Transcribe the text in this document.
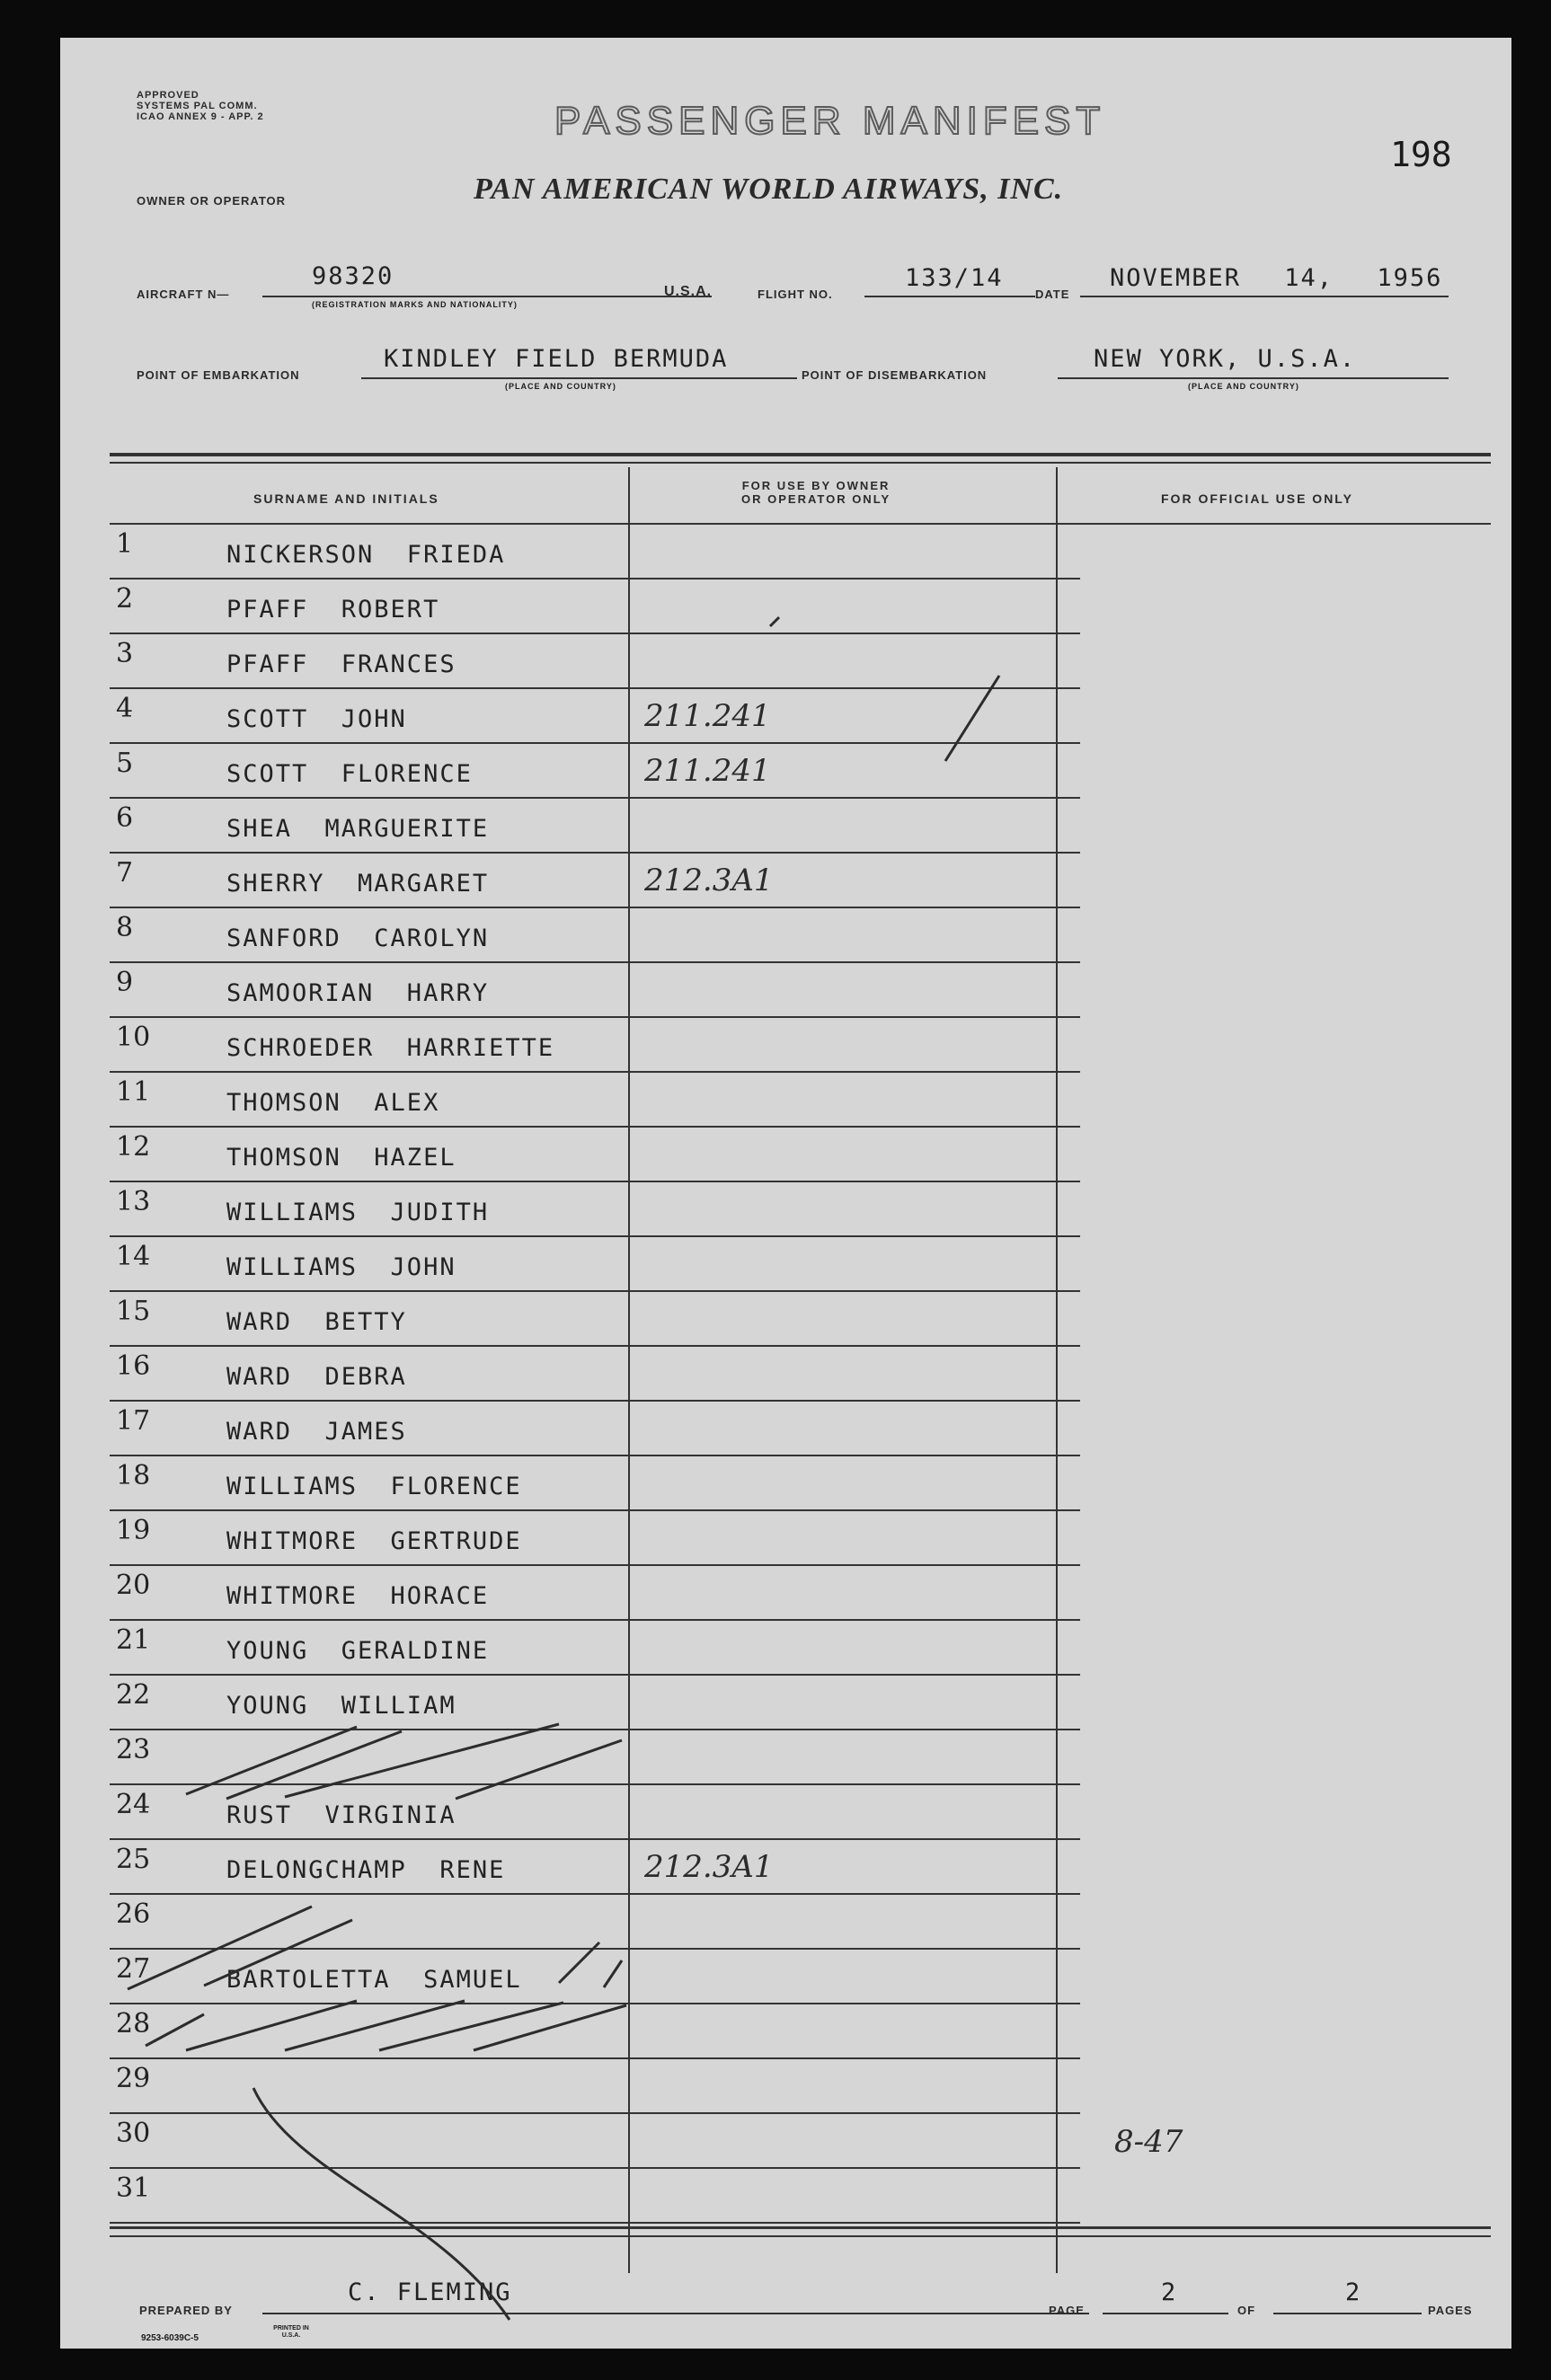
APPROVED
SYSTEMS PAL COMM.
ICAO ANNEX 9 - APP. 2	PASSENGER MANIFEST
198
OWNER OR OPERATOR	PAN AMERICAN WORLD AIRWAYS, INC.
AIRCRAFT N—
98320
(REGISTRATION MARKS AND NATIONALITY)
U.S.A.	FLIGHT NO.
133/14
DATE
NOVEMBER 14, 1956
POINT OF EMBARKATION
KINDLEY FIELD BERMUDA
(PLACE AND COUNTRY)
POINT OF DISEMBARKATION
NEW YORK, U.S.A.
(PLACE AND COUNTRY)
SURNAME AND INITIALS
FOR USE BY OWNER
OR OPERATOR ONLY	FOR OFFICIAL USE ONLY
1	NICKERSON  FRIEDA
2	PFAFF  ROBERT
3	PFAFF  FRANCES
4	SCOTT  JOHN	211.241
5	SCOTT  FLORENCE	211.241
6	SHEA  MARGUERITE
7	SHERRY  MARGARET	212.3A1
8	SANFORD  CAROLYN
9	SAMOORIAN  HARRY
10	SCHROEDER  HARRIETTE
11	THOMSON  ALEX
12	THOMSON  HAZEL
13	WILLIAMS  JUDITH
14	WILLIAMS  JOHN
15	WARD  BETTY
16	WARD  DEBRA
17	WARD  JAMES
18	WILLIAMS  FLORENCE
19	WHITMORE  GERTRUDE
20	WHITMORE  HORACE
21	YOUNG  GERALDINE
22	YOUNG  WILLIAM
23
24	RUST  VIRGINIA
25	DELONGCHAMP  RENE	212.3A1
26
27	BARTOLETTA  SAMUEL
28
29
30
31
8-47
PREPARED BY
C. FLEMING
PAGE
2
OF
2
PAGES
9253-6039C-5
PRINTED IN U.S.A.
